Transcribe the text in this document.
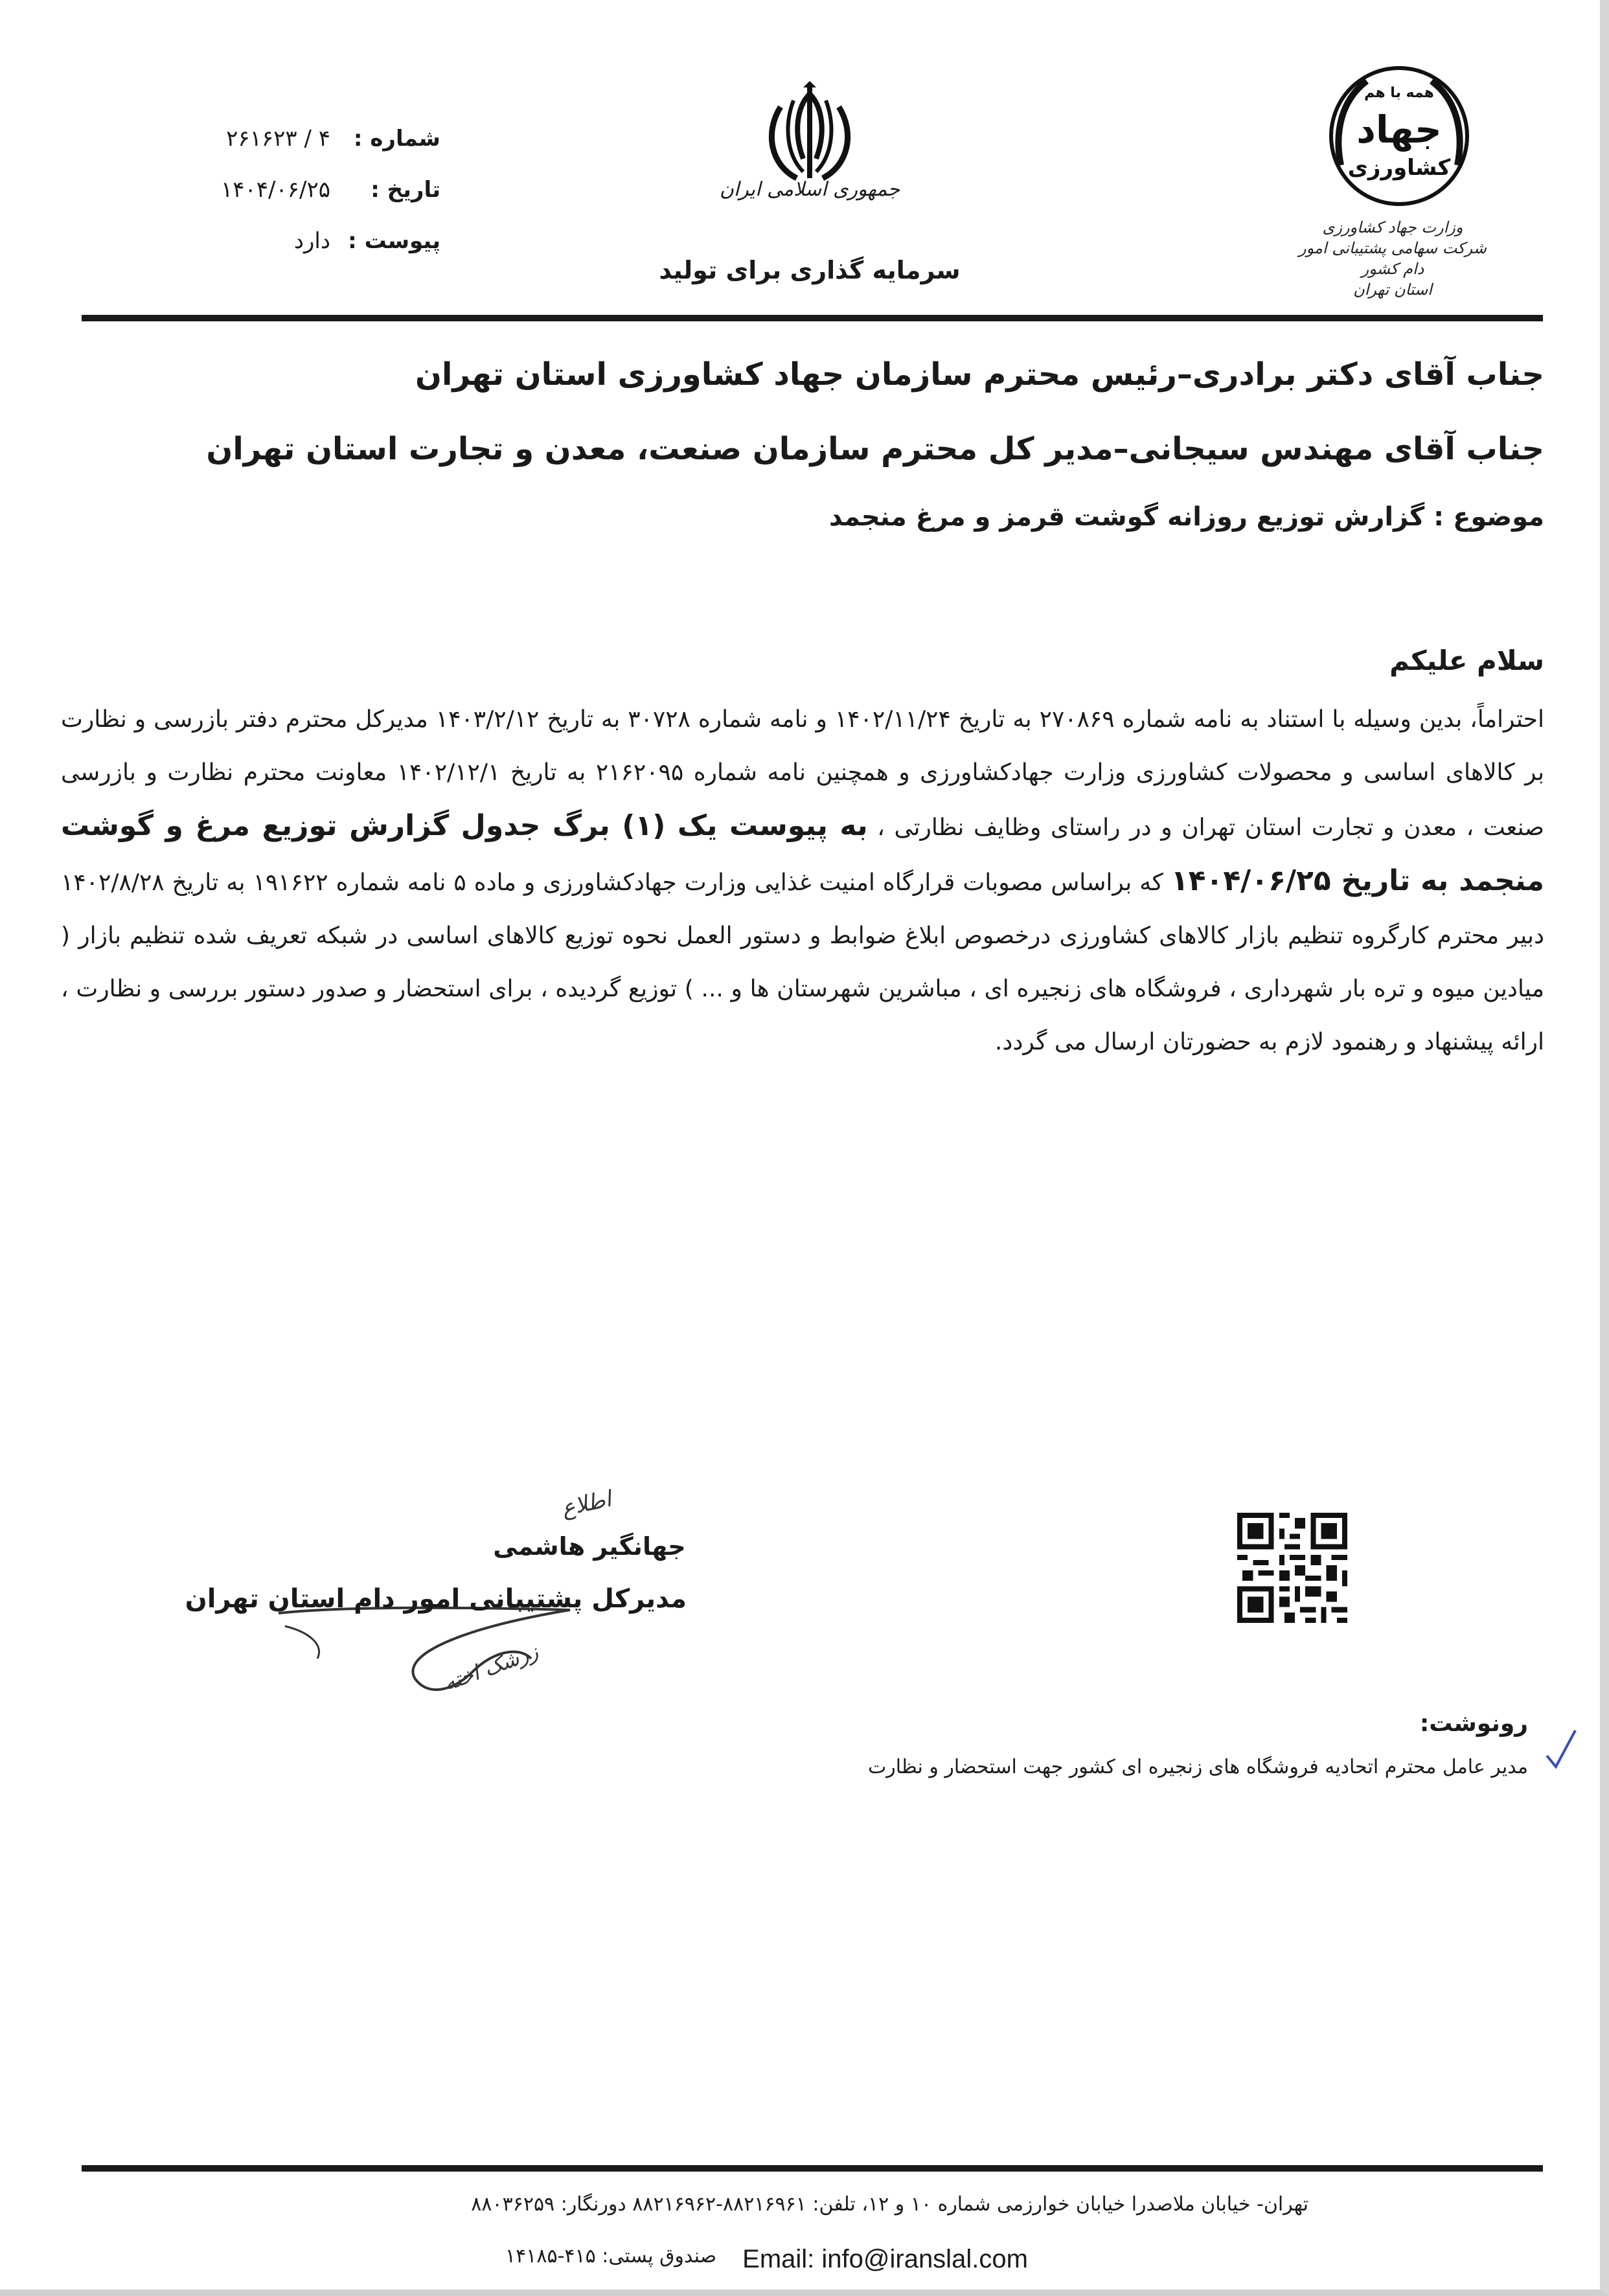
شماره :
۴ / ۲۶۱۶۲۳
تاریخ :
۱۴۰۴/۰۶/۲۵
پیوست :
دارد
جمهوری اسلامی ایران
سرمایه گذاری برای تولید
همه با هم
جهاد
کشاورزی
وزارت جهاد کشاورزی
شرکت سهامی پشتیبانی امور دام کشور
استان تهران
جناب آقای دکتر برادری–رئیس محترم سازمان جهاد کشاورزی استان تهران
جناب آقای مهندس سیجانی–مدیر کل محترم سازمان صنعت، معدن و تجارت استان تهران
موضوع : گزارش توزیع روزانه گوشت قرمز و مرغ منجمد
سلام علیکم
احتراماً، بدین وسیله با استناد به نامه شماره ۲۷۰۸۶۹ به تاریخ ۱۴۰۲/۱۱/۲۴ و نامه شماره ۳۰۷۲۸ به تاریخ ۱۴۰۳/۲/۱۲ مدیرکل محترم دفتر بازرسی و نظارت بر کالاهای اساسی و محصولات کشاورزی وزارت جهادکشاورزی و همچنین نامه شماره ۲۱۶۲۰۹۵ به تاریخ ۱۴۰۲/۱۲/۱ معاونت محترم نظارت و بازرسی صنعت ، معدن و تجارت استان تهران و در راستای وظایف نظارتی ، به پیوست یک (۱) برگ جدول گزارش توزیع مرغ و گوشت منجمد به تاریخ ۱۴۰۴/۰۶/۲۵ که براساس مصوبات قرارگاه امنیت غذایی وزارت جهادکشاورزی و ماده ۵ نامه شماره ۱۹۱۶۲۲ به تاریخ ۱۴۰۲/۸/۲۸ دبیر محترم کارگروه تنظیم بازار کالاهای کشاورزی درخصوص ابلاغ ضوابط و دستور العمل نحوه توزیع کالاهای اساسی در شبکه تعریف شده تنظیم بازار ( میادین میوه و تره بار شهرداری ، فروشگاه های زنجیره ای ، مباشرین شهرستان ها و ... ) توزیع گردیده ، برای استحضار و صدور دستور بررسی و نظارت ، ارائه پیشنهاد و رهنمود لازم به حضورتان ارسال می گردد.
اطلاع
زرشک اخته
جهانگیر هاشمی
مدیرکل پشتیبانی امور دام استان تهران
رونوشت:
مدیر عامل محترم اتحادیه فروشگاه های زنجیره ای کشور جهت استحضار و نظارت
تهران- خیابان ملاصدرا خیابان خوارزمی شماره ۱۰ و ۱۲، تلفن: ۸۸۲۱۶۹۶۱-۸۸۲۱۶۹۶۲ دورنگار: ۸۸۰۳۶۲۵۹
صندوق پستی: ۴۱۵-۱۴۱۸۵ Email: info@iranslal.com
